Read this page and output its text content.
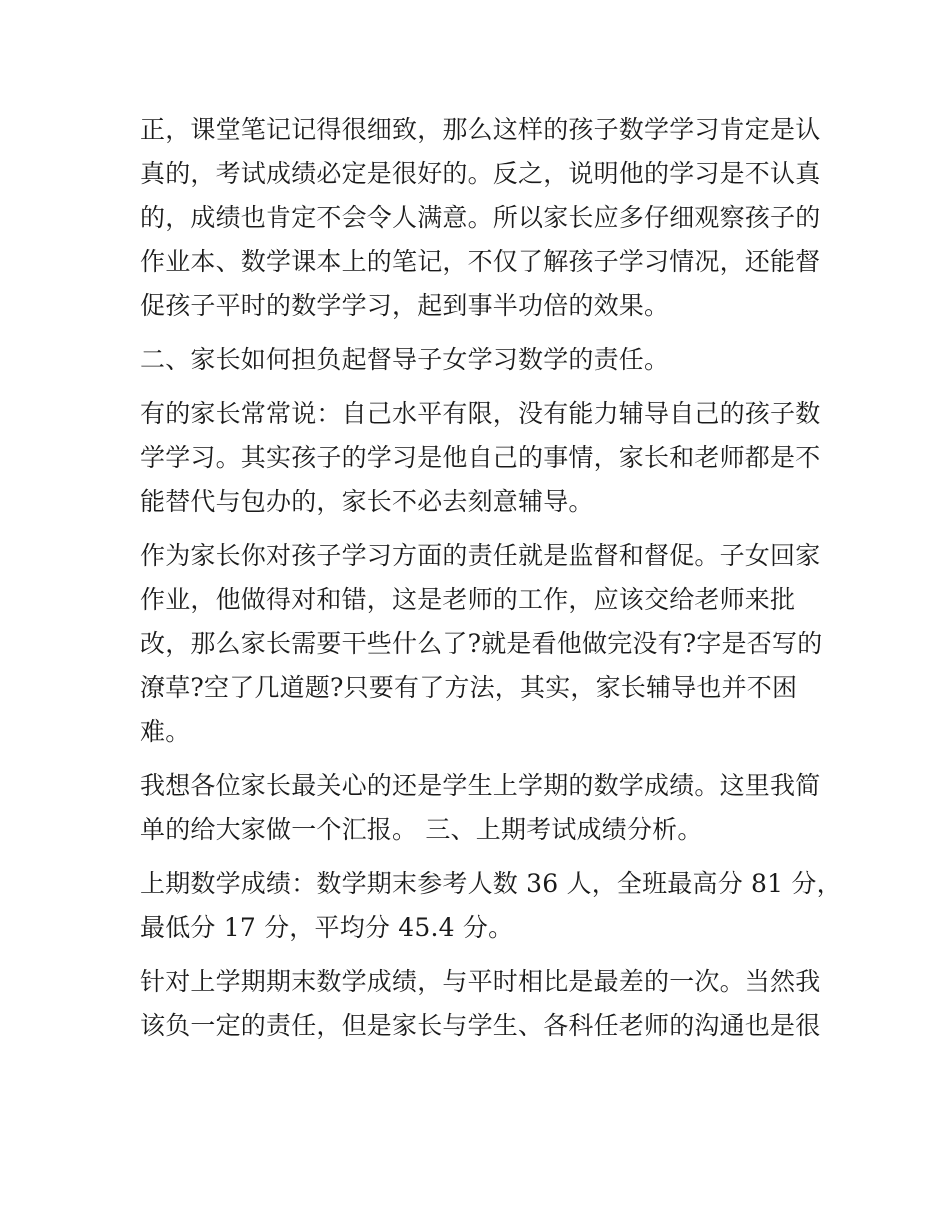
正，课堂笔记记得很细致，那么这样的孩子数学学习肯定是认
真的，考试成绩必定是很好的。反之，说明他的学习是不认真
的，成绩也肯定不会令人满意。所以家长应多仔细观察孩子的
作业本、数学课本上的笔记，不仅了解孩子学习情况，还能督
促孩子平时的数学学习，起到事半功倍的效果。
二、家长如何担负起督导子女学习数学的责任。
有的家长常常说：自己水平有限，没有能力辅导自己的孩子数
学学习。其实孩子的学习是他自己的事情，家长和老师都是不
能替代与包办的，家长不必去刻意辅导。
作为家长你对孩子学习方面的责任就是监督和督促。子女回家
作业，他做得对和错，这是老师的工作，应该交给老师来批
改，那么家长需要干些什么了?就是看他做完没有?字是否写的
潦草?空了几道题?只要有了方法，其实，家长辅导也并不困
难。
我想各位家长最关心的还是学生上学期的数学成绩。这里我简
单的给大家做一个汇报。 三、上期考试成绩分析。
上期数学成绩：数学期末参考人数 36 人，全班最高分 81 分，
最低分 17 分，平均分 45.4 分。
针对上学期期末数学成绩，与平时相比是最差的一次。当然我
该负一定的责任，但是家长与学生、各科任老师的沟通也是很
